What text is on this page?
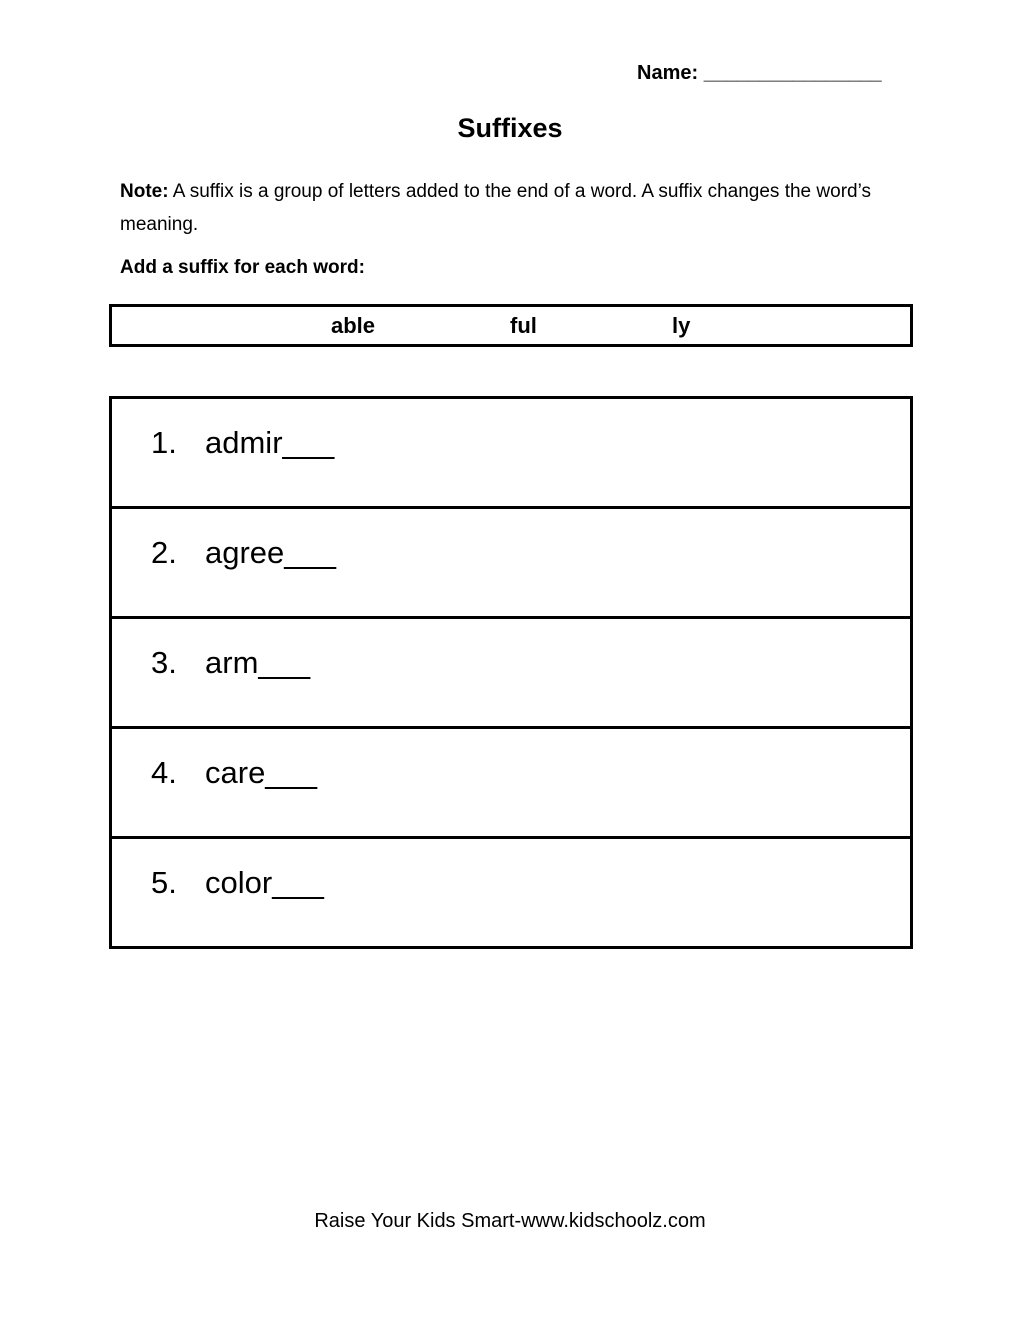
Name: ________________
Suffixes
Note: A suffix is a group of letters added to the end of a word. A suffix changes the word’s meaning.
Add a suffix for each word:
able	ful	ly
1. admir___
2. agree___
3. arm___
4. care___
5. color___
Raise Your Kids Smart-www.kidschoolz.com
